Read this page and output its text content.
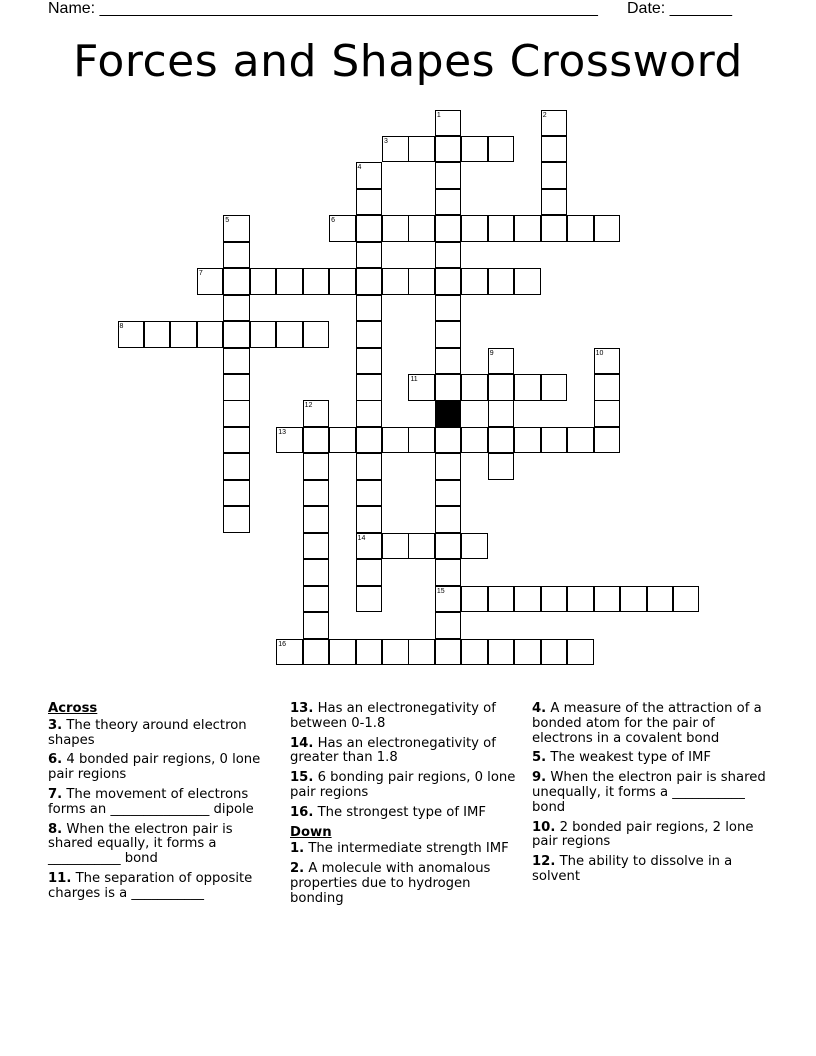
Name: ________________________________________________________ Date: _______
Forces and Shapes Crossword
3
6
7
8
11
13
14
15
16
1	2
4
5
9	10
12
Across
3. The theory around electron shapes
6. 4 bonded pair regions, 0 lone pair regions
7. The movement of electrons forms an _______________ dipole
8. When the electron pair is shared equally, it forms a ___________ bond
11. The separation of opposite charges is a ___________
13. Has an electronegativity of between 0-1.8
14. Has an electronegativity of greater than 1.8
15. 6 bonding pair regions, 0 lone pair regions
16. The strongest type of IMF
Down
1. The intermediate strength IMF
2. A molecule with anomalous properties due to hydrogen bonding
4. A measure of the attraction of a bonded atom for the pair of electrons in a covalent bond
5. The weakest type of IMF
9. When the electron pair is shared unequally, it forms a ___________ bond
10. 2 bonded pair regions, 2 lone pair regions
12. The ability to dissolve in a solvent
